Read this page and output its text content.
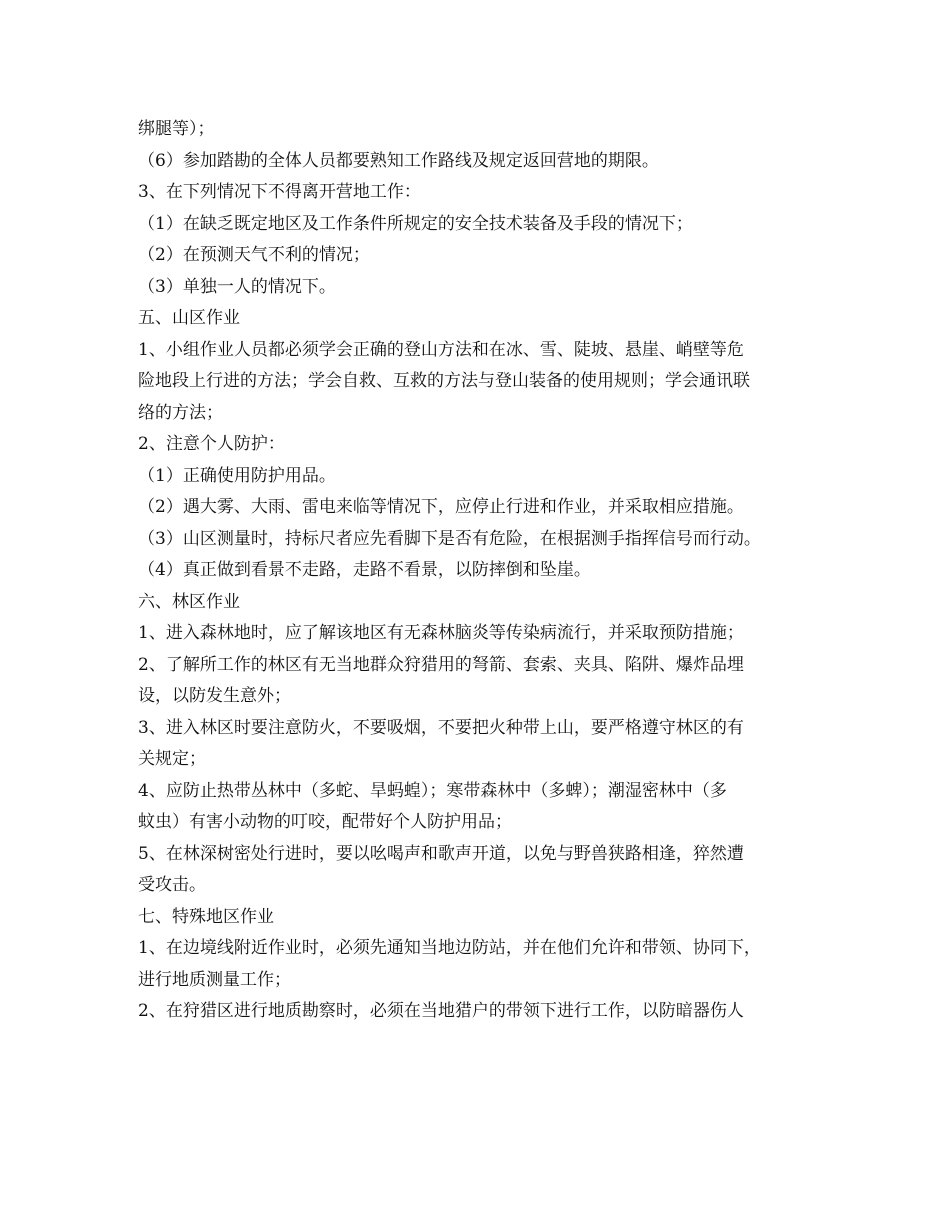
绑腿等）；
（6）参加踏勘的全体人员都要熟知工作路线及规定返回营地的期限。
3、在下列情况下不得离开营地工作：
（1）在缺乏既定地区及工作条件所规定的安全技术装备及手段的情况下；
（2）在预测天气不利的情况；
（3）单独一人的情况下。
五、山区作业
1、小组作业人员都必须学会正确的登山方法和在冰、雪、陡坡、悬崖、峭壁等危
险地段上行进的方法；学会自救、互救的方法与登山装备的使用规则；学会通讯联
络的方法；
2、注意个人防护：
（1）正确使用防护用品。
（2）遇大雾、大雨、雷电来临等情况下，应停止行进和作业，并采取相应措施。
（3）山区测量时，持标尺者应先看脚下是否有危险，在根据测手指挥信号而行动。
（4）真正做到看景不走路，走路不看景，以防摔倒和坠崖。
六、林区作业
1、进入森林地时，应了解该地区有无森林脑炎等传染病流行，并采取预防措施；
2、了解所工作的林区有无当地群众狩猎用的弩箭、套索、夹具、陷阱、爆炸品埋
设，以防发生意外；
3、进入林区时要注意防火，不要吸烟，不要把火种带上山，要严格遵守林区的有
关规定；
4、应防止热带丛林中（多蛇、旱蚂蝗）；寒带森林中（多蜱）；潮湿密林中（多
蚊虫）有害小动物的叮咬，配带好个人防护用品；
5、在林深树密处行进时，要以吆喝声和歌声开道，以免与野兽狭路相逢，猝然遭
受攻击。
七、特殊地区作业
1、在边境线附近作业时，必须先通知当地边防站，并在他们允许和带领、协同下，
进行地质测量工作；
2、在狩猎区进行地质勘察时，必须在当地猎户的带领下进行工作，以防暗器伤人
